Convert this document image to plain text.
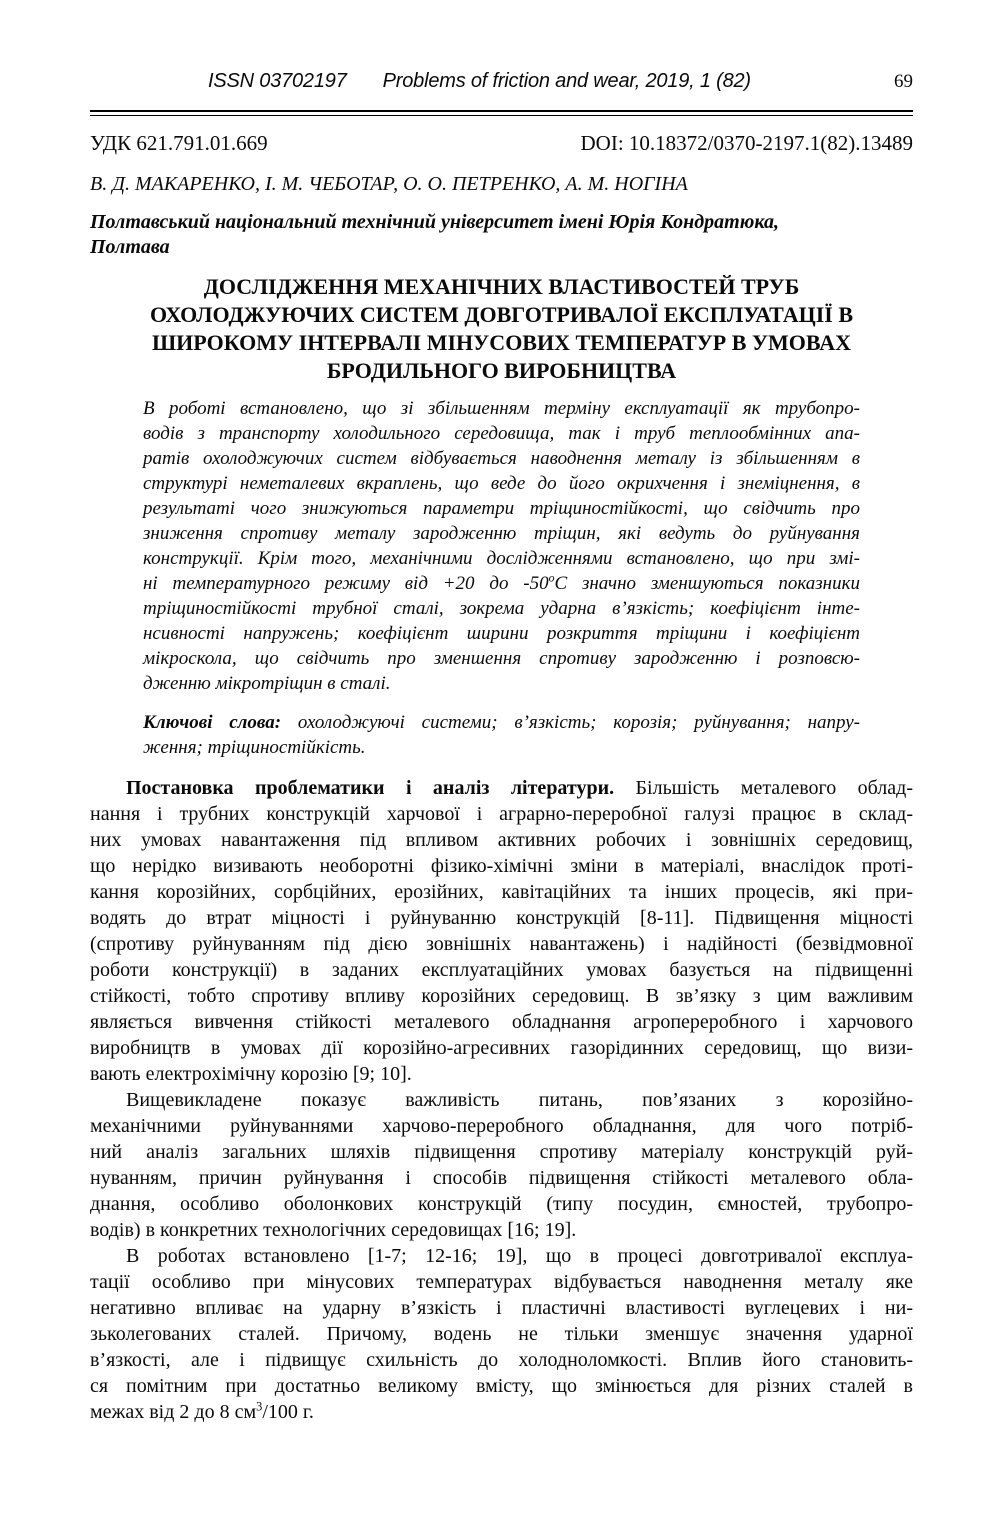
ISSN 03702197 Problems of friction and wear, 2019, 1 (82)	69
УДК 621.791.01.669	DOI: 10.18372/0370-2197.1(82).13489
В. Д. МАКАРЕНКО, І. М. ЧЕБОТАР, О. О. ПЕТРЕНКО, А. М. НОГІНА
Полтавський національний технічний університет імені Юрія Кондратюка,
Полтава
ДОСЛІДЖЕННЯ МЕХАНІЧНИХ ВЛАСТИВОСТЕЙ ТРУБ
ОХОЛОДЖУЮЧИХ СИСТЕМ ДОВГОТРИВАЛОЇ ЕКСПЛУАТАЦІЇ В
ШИРОКОМУ ІНТЕРВАЛІ МІНУСОВИХ ТЕМПЕРАТУР В УМОВАХ
БРОДИЛЬНОГО ВИРОБНИЦТВА
В роботі встановлено, що зі збільшенням терміну експлуатації як трубопро-
водів з транспорту холодильного середовища, так і труб теплообмінних апа-
ратів охолоджуючих систем відбувається наводнення металу із збільшенням в
структурі неметалевих вкраплень, що веде до його окрихчення і знеміцнення, в
результаті чого знижуються параметри тріщиностійкості, що свідчить про
зниження спротиву металу зародженню тріщин, які ведуть до руйнування
конструкції. Крім того, механічними дослідженнями встановлено, що при змі-
ні температурного режиму від +20 до $-50^оС$ значно зменшуються показники
тріщиностійкості трубної сталі, зокрема ударна в’язкість; коефіцієнт інте-
нсивності напружень; коефіцієнт ширини розкриття тріщини і коефіцієнт
мікроскола, що свідчить про зменшення спротиву зародженню і розповсю-
дженню мікротріщин в сталі.
Ключові слова: охолоджуючі системи; в’язкість; корозія; руйнування; напру-
ження; тріщиностійкість.
Постановка проблематики і аналіз літератури. Більшість металевого облад-
нання і трубних конструкцій харчової і аграрно-переробної галузі працює в склад-
них умовах навантаження під впливом активних робочих і зовнішніх середовищ,
що нерідко визивають необоротні фізико-хімічні зміни в матеріалі, внаслідок проті-
кання корозійних, сорбційних, ерозійних, кавітаційних та інших процесів, які при-
водять до втрат міцності і руйнуванню конструкцій [8-11]. Підвищення міцності
(спротиву руйнуванням під дією зовнішніх навантажень) і надійності (безвідмовної
роботи конструкції) в заданих експлуатаційних умовах базується на підвищенні
стійкості, тобто спротиву впливу корозійних середовищ. В зв’язку з цим важливим
являється вивчення стійкості металевого обладнання агропереробного і харчового
виробництв в умовах дії корозійно-агресивних газорідинних середовищ, що визи-
вають електрохімічну корозію [9; 10].
Вищевикладене показує важливість питань, пов’язаних з корозійно-
механічними руйнуваннями харчово-переробного обладнання, для чого потріб-
ний аналіз загальних шляхів підвищення спротиву матеріалу конструкцій руй-
нуванням, причин руйнування і способів підвищення стійкості металевого обла-
днання, особливо оболонкових конструкцій (типу посудин, ємностей, трубопро-
водів) в конкретних технологічних середовищах [16; 19].
В роботах встановлено [1-7; 12-16; 19], що в процесі довготривалої експлуа-
тації особливо при мінусових температурах відбувається наводнення металу яке
негативно впливає на ударну в’язкість і пластичні властивості вуглецевих і ни-
зьколегованих сталей. Причому, водень не тільки зменшує значення ударної
в’язкості, але і підвищує схильність до холодноломкості. Вплив його становить-
ся помітним при достатньо великому вмісту, що змінюється для різних сталей в
межах від 2 до 8 $см^3/100$ г.
